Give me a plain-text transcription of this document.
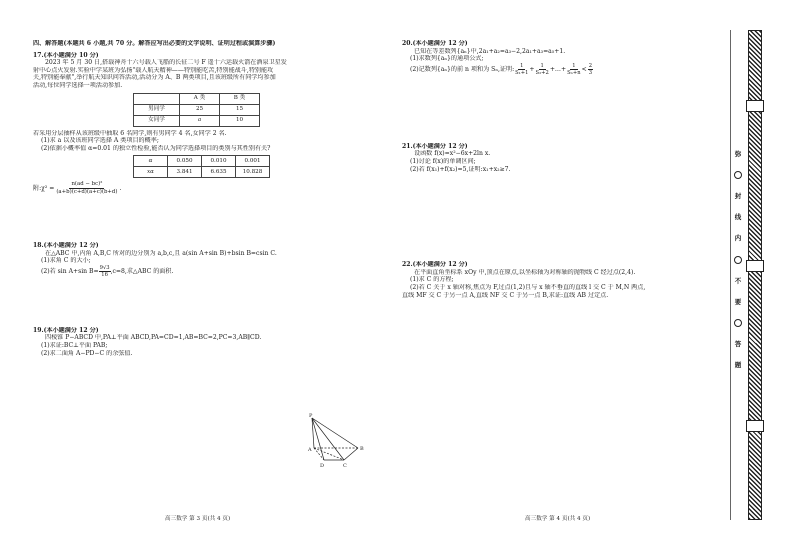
四、解答题(本题共 6 小题,共 70 分。解答应写出必要的文字说明、证明过程或演算步骤)
17.(本小题满分 10 分)
2023 年 5 月 30 日,搭载神舟十六号载人飞船的长征二号 F 遥十六运载火箭在酒泉卫星发
射中心点火发射.实验中学某班为弘扬"载人航天精神——特别能吃苦,特别能战斗,特别能攻
关,特别能奉献",举行航天知识问答活动,活动分为 A、B 两类项目,且该班级所有同学均参加
活动,每位同学选择一项活动参加.
	A 类	B 类
男同学	25	15
女同学	a	10
若采用分层抽样从该班级中抽取 6 名同学,则有男同学 4 名,女同学 2 名.
(1)求 a 以及该班同学选择 A 类项目的概率;
(2)依据小概率值 α=0.01 的独立性检验,能否认为同学选择项目的类别与其性别有关?
α	0.050	0.010	0.001
xα	3.841	6.635	10.828
附:χ² = $\frac{\text{n(ad − bc)²}}{(a+b)(c+d)(a+c)(b+d)}$ .
18.(本小题满分 12 分)
在△ABC 中,内角 A,B,C 所对的边分别为 a,b,c,且 a(sin A+sin B)+bsin B=csin C.
(1)求角 C 的大小;
(2)若 sin A+sin $B= \frac{9√3}{16} ,c=8$,求△ABC 的面积.
19.(本小题满分 12 分)
四棱锥 P−ABCD 中,PA⊥平面 ABCD,PA=CD=1,AB=BC=2,PC=3,AB∥CD.
(1)求证:BC⊥平面 PAB;
(2)求二面角 A−PD−C 的余弦值.
P
A	B
D	C
20.(本小题满分 12 分)
已知在等差数列{aₙ}中,2a₁+a₂=a₃−2,2a₁+a₃=a₅+1.
(1)求数列{aₙ}的通项公式;
(2)记数列{aₙ}的前 n 项和为 Sₙ,证明:
1
S₁+1
+ $\frac{1}{\text{S₂+2}}$ +…+ $\frac{1}{\text{Sₙ+n}}$ <
2
3
21.(本小题满分 12 分)
设函数 f(x)=x²−6x+2ln x.
(1)讨论 f(x)的单调区间;
(2)若 f(x₁)+f(x₂)=5,证明:x₁+x₂≥7.
22.(本小题满分 12 分)
在平面直角坐标系 xOy 中,顶点在原点,以坐标轴为对称轴的抛物线 C 经过点(2,4).
(1)求 C 的方程;
(2)若 C 关于 x 轴对称,焦点为 F,过点(1,2)且与 x 轴不垂直的直线 l 交 C 于 M,N 两点,
直线 MF 交 C 于另一点 A,直线 NF 交 C 于另一点 B,求证:直线 AB 过定点.
高三数学 第 3 页(共 4 页)	高三数学 第 4 页(共 4 页)
弥
封
线
内
不
要
答
题
